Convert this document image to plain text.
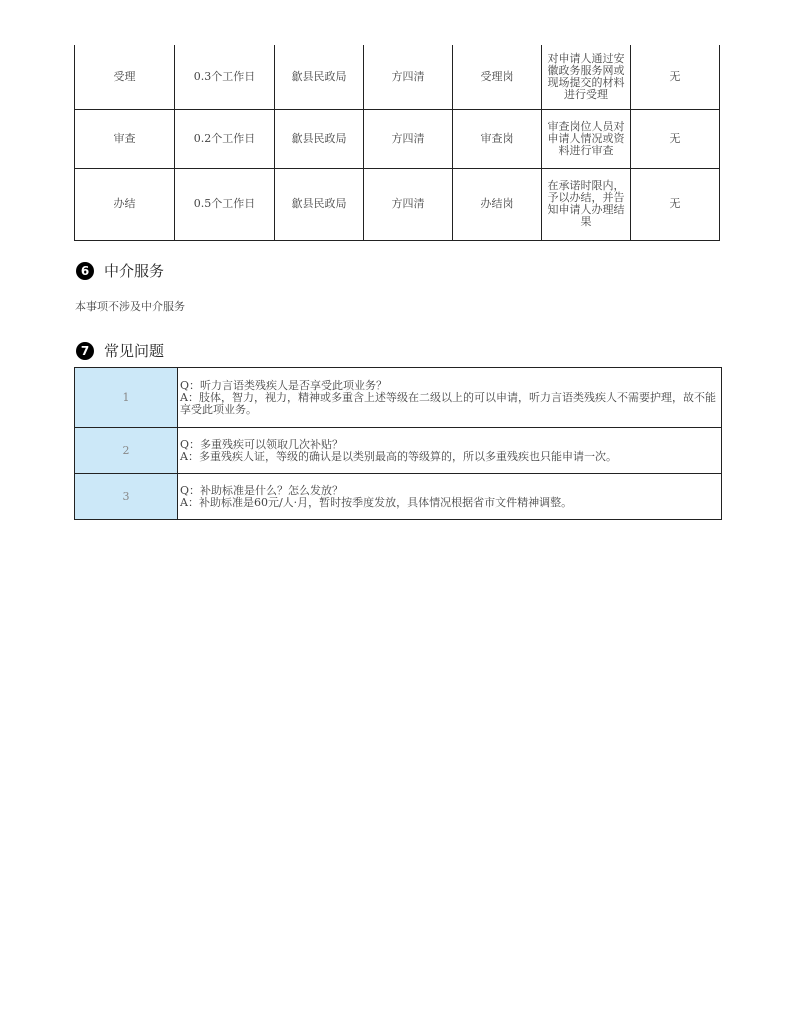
受理	0.3个工作日	歙县民政局	方四清	受理岗	对申请人通过安徽政务服务网或现场提交的材料进行受理	无
审查	0.2个工作日	歙县民政局	方四清	审查岗	审查岗位人员对申请人情况或资料进行审查	无
办结	0.5个工作日	歙县民政局	方四清	办结岗	在承诺时限内，予以办结，并告知申请人办理结果	无
6 中介服务
本事项不涉及中介服务
7 常见问题
1	Q：听力言语类残疾人是否享受此项业务？
A：肢体，智力，视力，精神或多重含上述等级在二级以上的可以申请，听力言语类残疾人不需要护理，故不能享受此项业务。

2	Q：多重残疾可以领取几次补贴？
A：多重残疾人证，等级的确认是以类别最高的等级算的，所以多重残疾也只能申请一次。

3	Q：补助标准是什么？怎么发放？
A：补助标准是60元/人·月，暂时按季度发放，具体情况根据省市文件精神调整。
